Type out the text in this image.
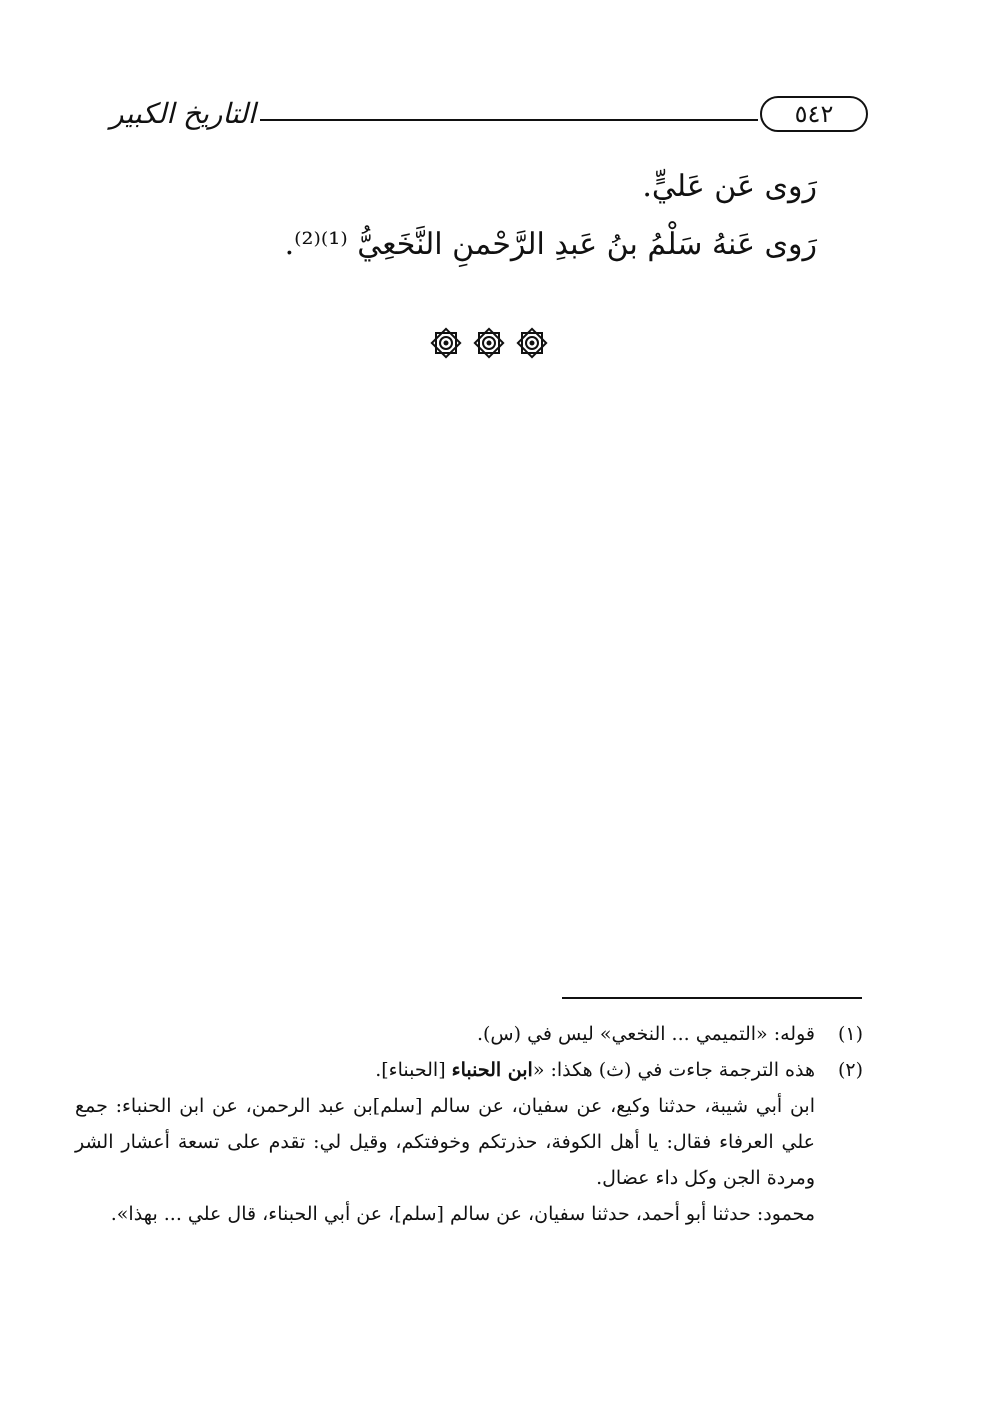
التاريخ الكبير	٥٤٢

رَوى عَن عَليٍّ.

رَوى عَنهُ سَلْمُ بنُ عَبدِ الرَّحْمنِ النَّخَعِيُّ ⁽¹⁾⁽²⁾.

(١)
قوله: «التميمي ... النخعي» ليس في (س).
(٢)
هذه الترجمة جاءت في (ث) هكذا: «ابن الحنباء [الحبناء].

ابن أبي شيبة، حدثنا وكيع، عن سفيان، عن سالم [سلم]بن عبد الرحمن، عن ابن الحنباء: جمع علي العرفاء فقال: يا أهل الكوفة، حذرتكم وخوفتكم، وقيل لي: تقدم على تسعة أعشار الشر ومردة الجن وكل داء عضال.

محمود: حدثنا أبو أحمد، حدثنا سفيان، عن سالم [سلم]، عن أبي الحبناء، قال علي ... بهذا».
